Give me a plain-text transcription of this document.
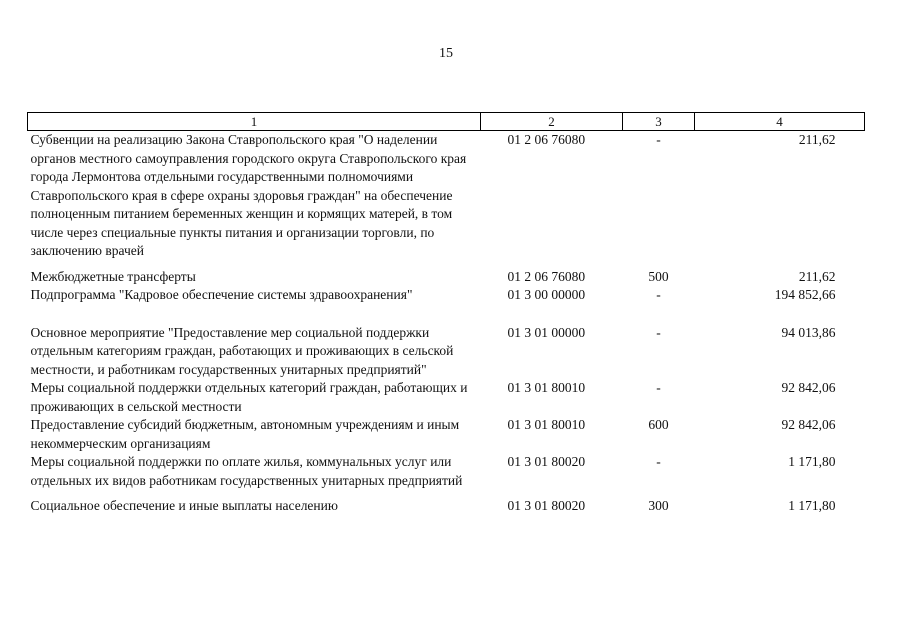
15
1	2	3	4
Субвенции на реализацию Закона Ставропольского края "О наделении органов местного самоуправления городского округа Ставропольского края города Лермонтова отдельными государственными полномочиями Ставропольского края в сфере охраны здоровья граждан" на обеспечение полноценным питанием беременных женщин и кормящих матерей, в том числе через специальные пункты питания и организации торговли, по заключению врачей	01 2 06 76080	-	211,62
Межбюджетные трансферты	01 2 06 76080	500	211,62
Подпрограмма "Кадровое обеспечение системы здравоохранения"	01 3 00 00000	-	194 852,66
Основное мероприятие "Предоставление мер социальной поддержки отдельным категориям граждан, работающих и проживающих в сельской местности, и работникам государственных унитарных предприятий"	01 3 01 00000	-	94 013,86
Меры социальной поддержки отдельных категорий граждан, работающих и проживающих в сельской местности	01 3 01 80010	-	92 842,06
Предоставление субсидий бюджетным, автономным учреждениям и иным некоммерческим организациям	01 3 01 80010	600	92 842,06
Меры социальной поддержки по оплате жилья, коммунальных услуг или отдельных их видов работникам государственных унитарных предприятий	01 3 01 80020	-	1 171,80
Социальное обеспечение и иные выплаты населению	01 3 01 80020	300	1 171,80
